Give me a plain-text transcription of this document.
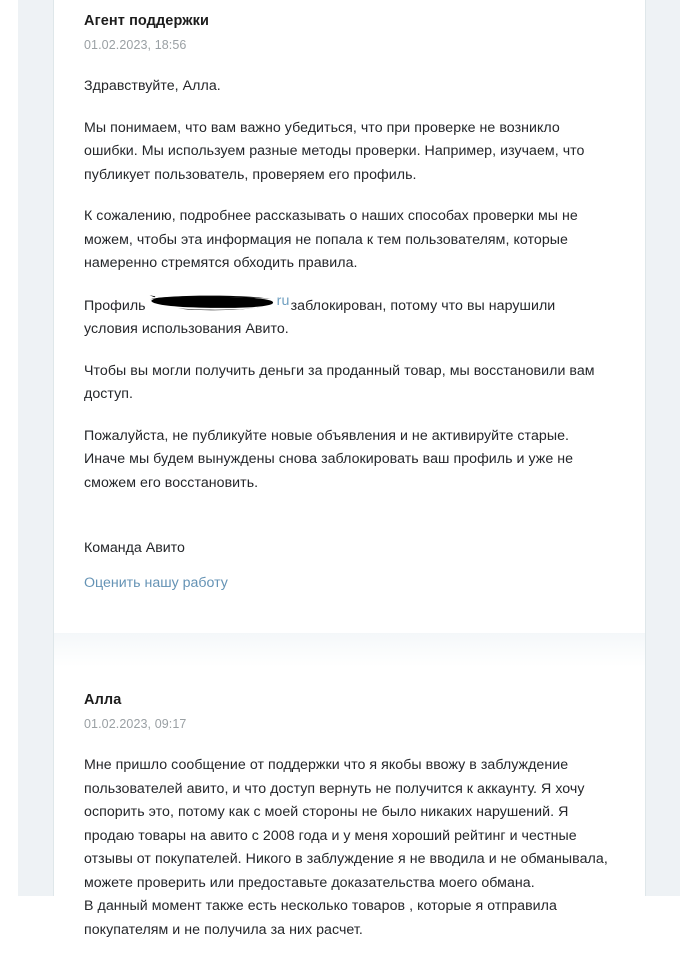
Агент поддержки
01.02.2023, 18:56

Здравствуйте, Алла.

Мы понимаем, что вам важно убедиться, что при проверке не возникло ошибки. Мы используем разные методы проверки. Например, изучаем, что публикует пользователь, проверяем его профиль.

К сожалению, подробнее рассказывать о наших способах проверки мы не можем, чтобы эта информация не попала к тем пользователям, которые намеренно стремятся обходить правила.

Профиль	ru заблокирован, потому что вы нарушили условия использования Авито.

Чтобы вы могли получить деньги за проданный товар, мы восстановили вам доступ.

Пожалуйста, не публикуйте новые объявления и не активируйте старые. Иначе мы будем вынуждены снова заблокировать ваш профиль и уже не сможем его восстановить.

Команда Авито
Оценить нашу работу
Алла
01.02.2023, 09:17

Мне пришло сообщение от поддержки что я якобы ввожу в заблуждение пользователей авито, и что доступ вернуть не получится к аккаунту. Я хочу оспорить это, потому как с моей стороны не было никаких нарушений. Я продаю товары на авито с 2008 года и у меня хороший рейтинг и честные отзывы от покупателей. Никого в заблуждение я не вводила и не обманывала, можете проверить или предоставьте доказательства моего обмана.

В данный момент также есть несколько товаров , которые я отправила покупателям и не получила за них расчет.
